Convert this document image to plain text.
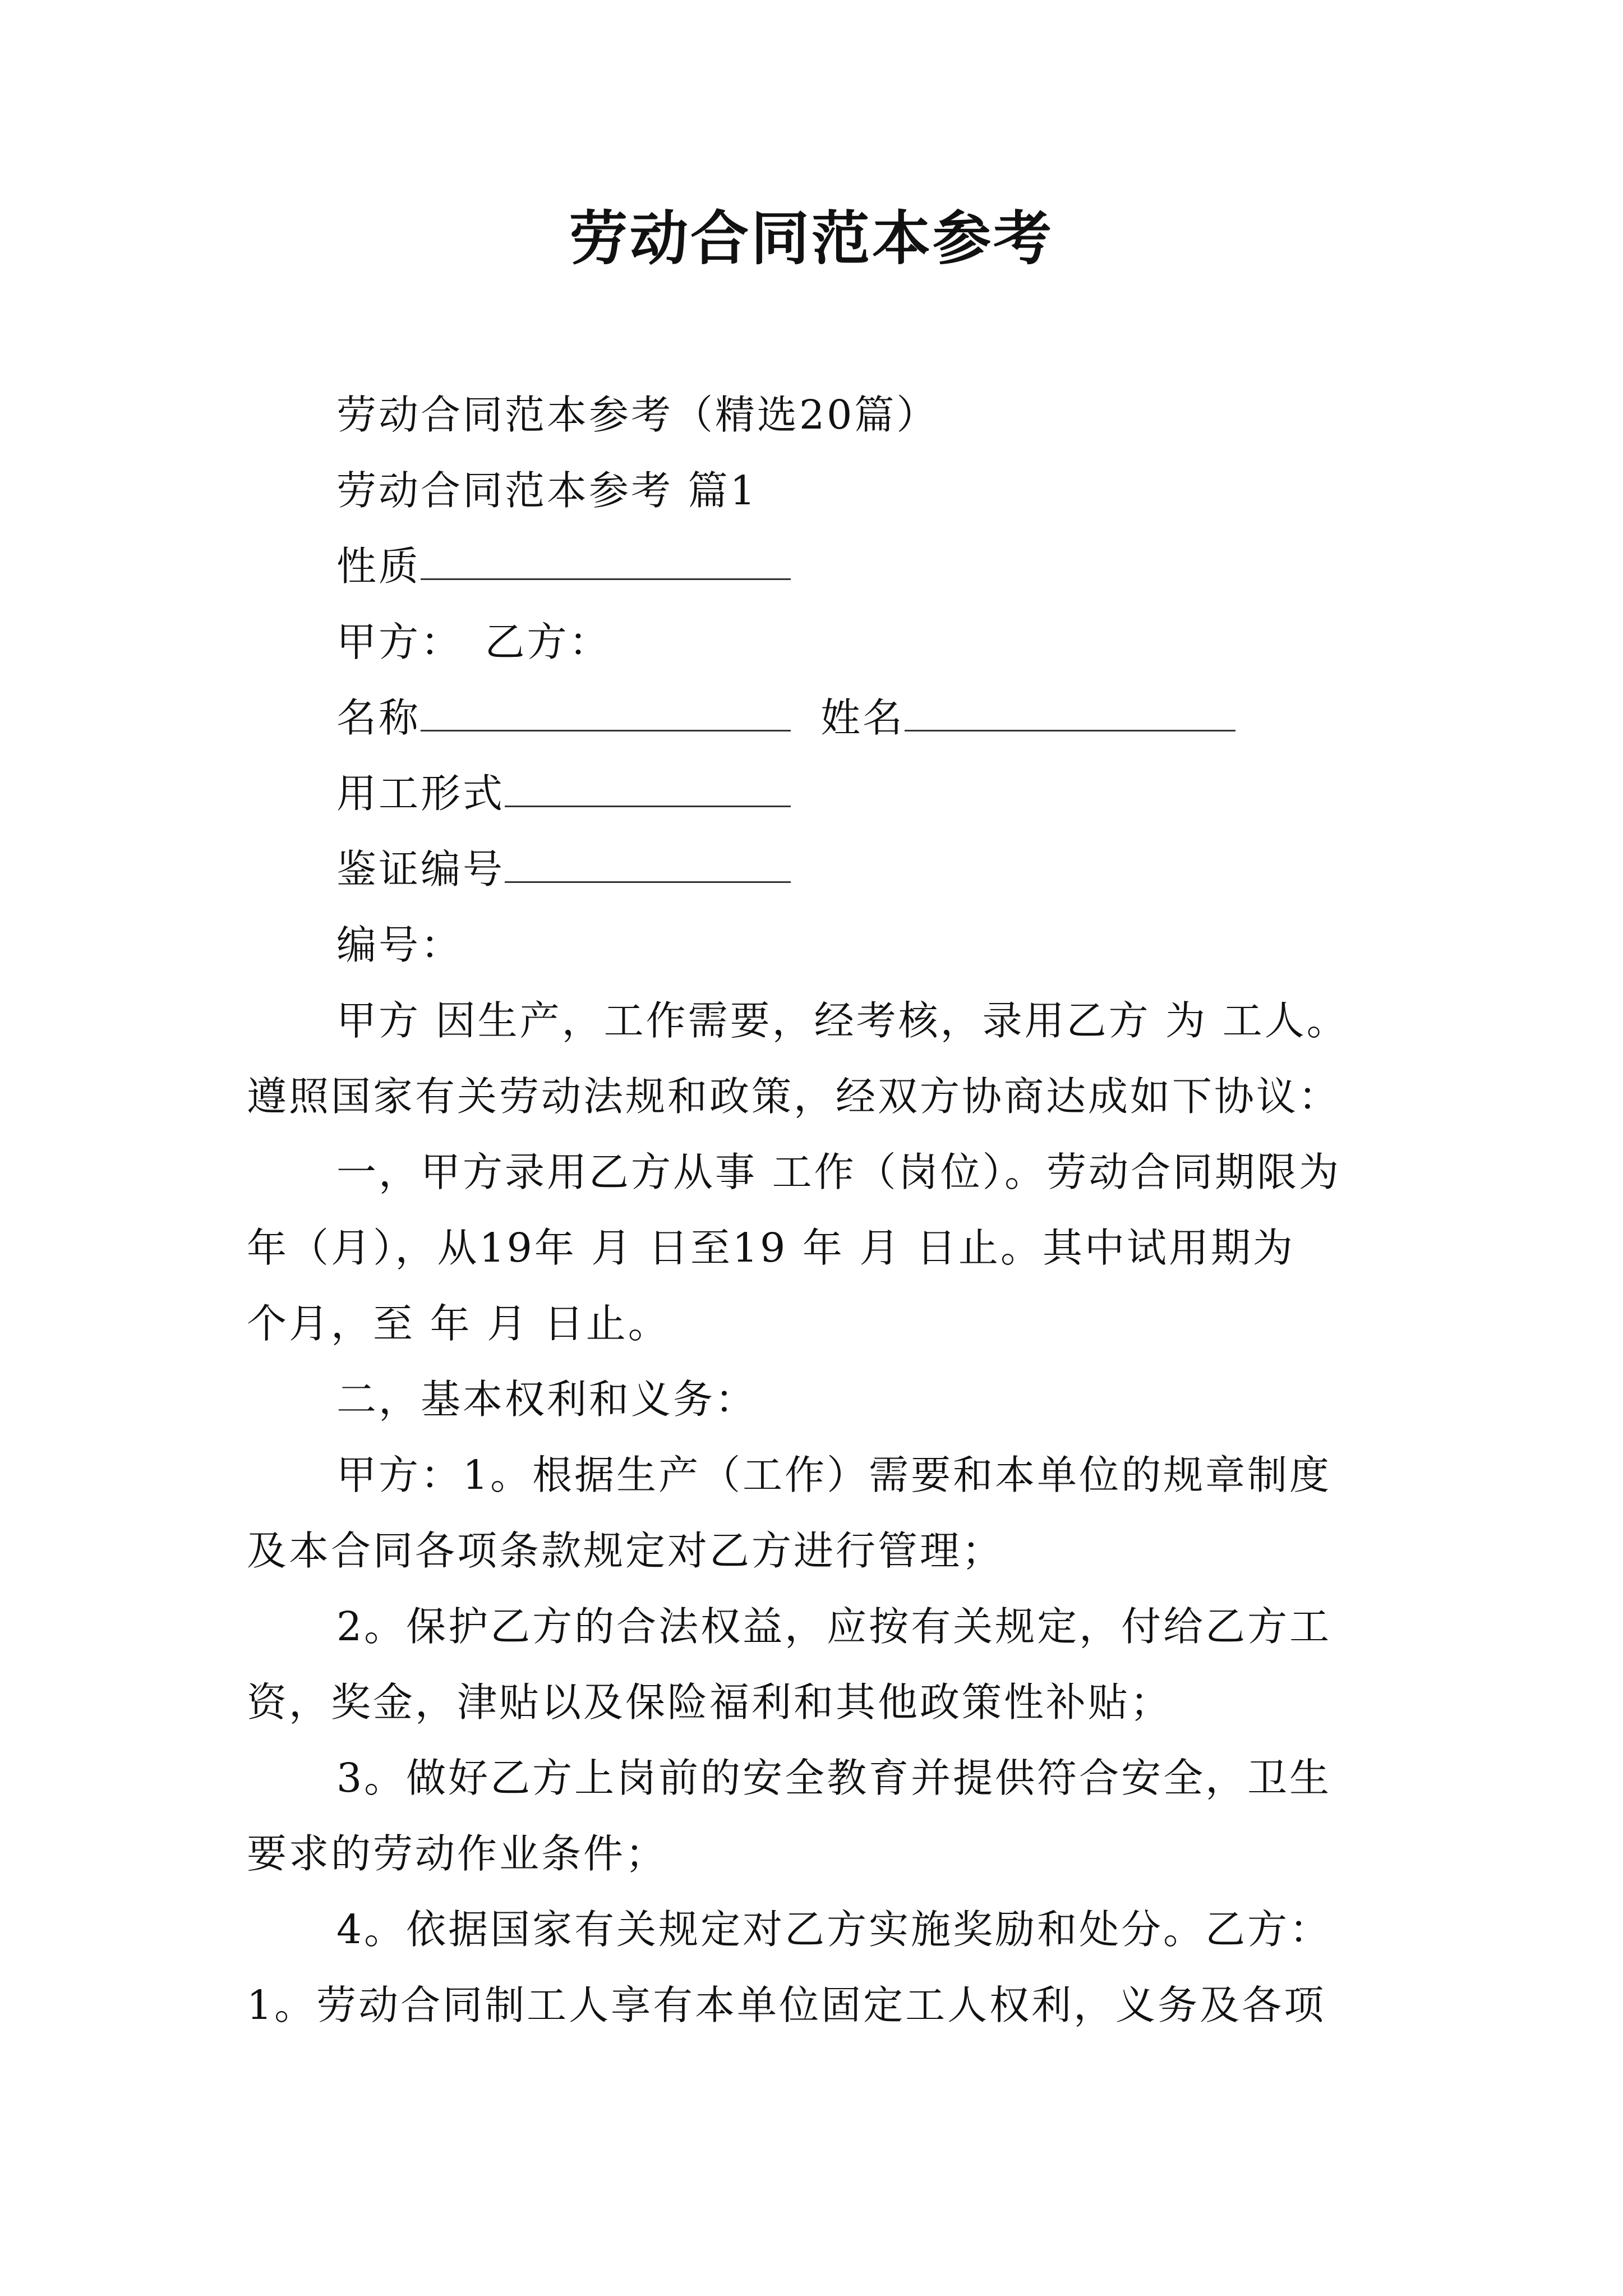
劳动合同范本参考

劳动合同范本参考（精选20篇）

劳动合同范本参考 篇1

性质

甲方：　乙方：

名称	姓名

用工形式

鉴证编号

编号：

甲方 因生产，工作需要，经考核，录用乙方 为 工人。

遵照国家有关劳动法规和政策，经双方协商达成如下协议：

一，甲方录用乙方从事 工作（岗位）。劳动合同期限为

年（月），从19年 月 日至19 年 月 日止。其中试用期为

个月，至 年 月 日止。

二，基本权利和义务：

甲方：1。根据生产（工作）需要和本单位的规章制度

及本合同各项条款规定对乙方进行管理；

2。保护乙方的合法权益，应按有关规定，付给乙方工

资，奖金，津贴以及保险福利和其他政策性补贴；

3。做好乙方上岗前的安全教育并提供符合安全，卫生

要求的劳动作业条件；

4。依据国家有关规定对乙方实施奖励和处分。乙方：

1。劳动合同制工人享有本单位固定工人权利，义务及各项
